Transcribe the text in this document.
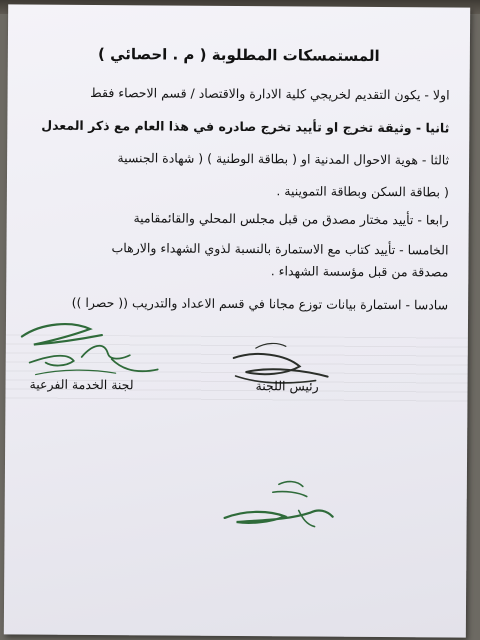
المستمسكات المطلوبة ( م . احصائي )
اولا - يكون التقديم لخريجي كلية الادارة والاقتصاد / قسم الاحصاء فقط
ثانيا - وثيقة تخرج او تأييد تخرج صادره في هذا العام مع ذكر المعدل
ثالثا - هوية الاحوال المدنية او ( بطاقة الوطنية ) ( شهادة الجنسية
( بطاقة السكن وبطاقة التموينية .
رابعا - تأييد مختار مصدق من قبل مجلس المحلي والقائمقامية
الخامسا - تأييد كتاب مع الاستمارة بالنسبة لذوي الشهداء والارهاب
مصدقة من قبل مؤسسة الشهداء .
سادسا - استمارة بيانات توزع مجانا في قسم الاعداد والتدريب (( حصرا ))
لجنة الخدمة الفرعية	رئيس اللجنة
